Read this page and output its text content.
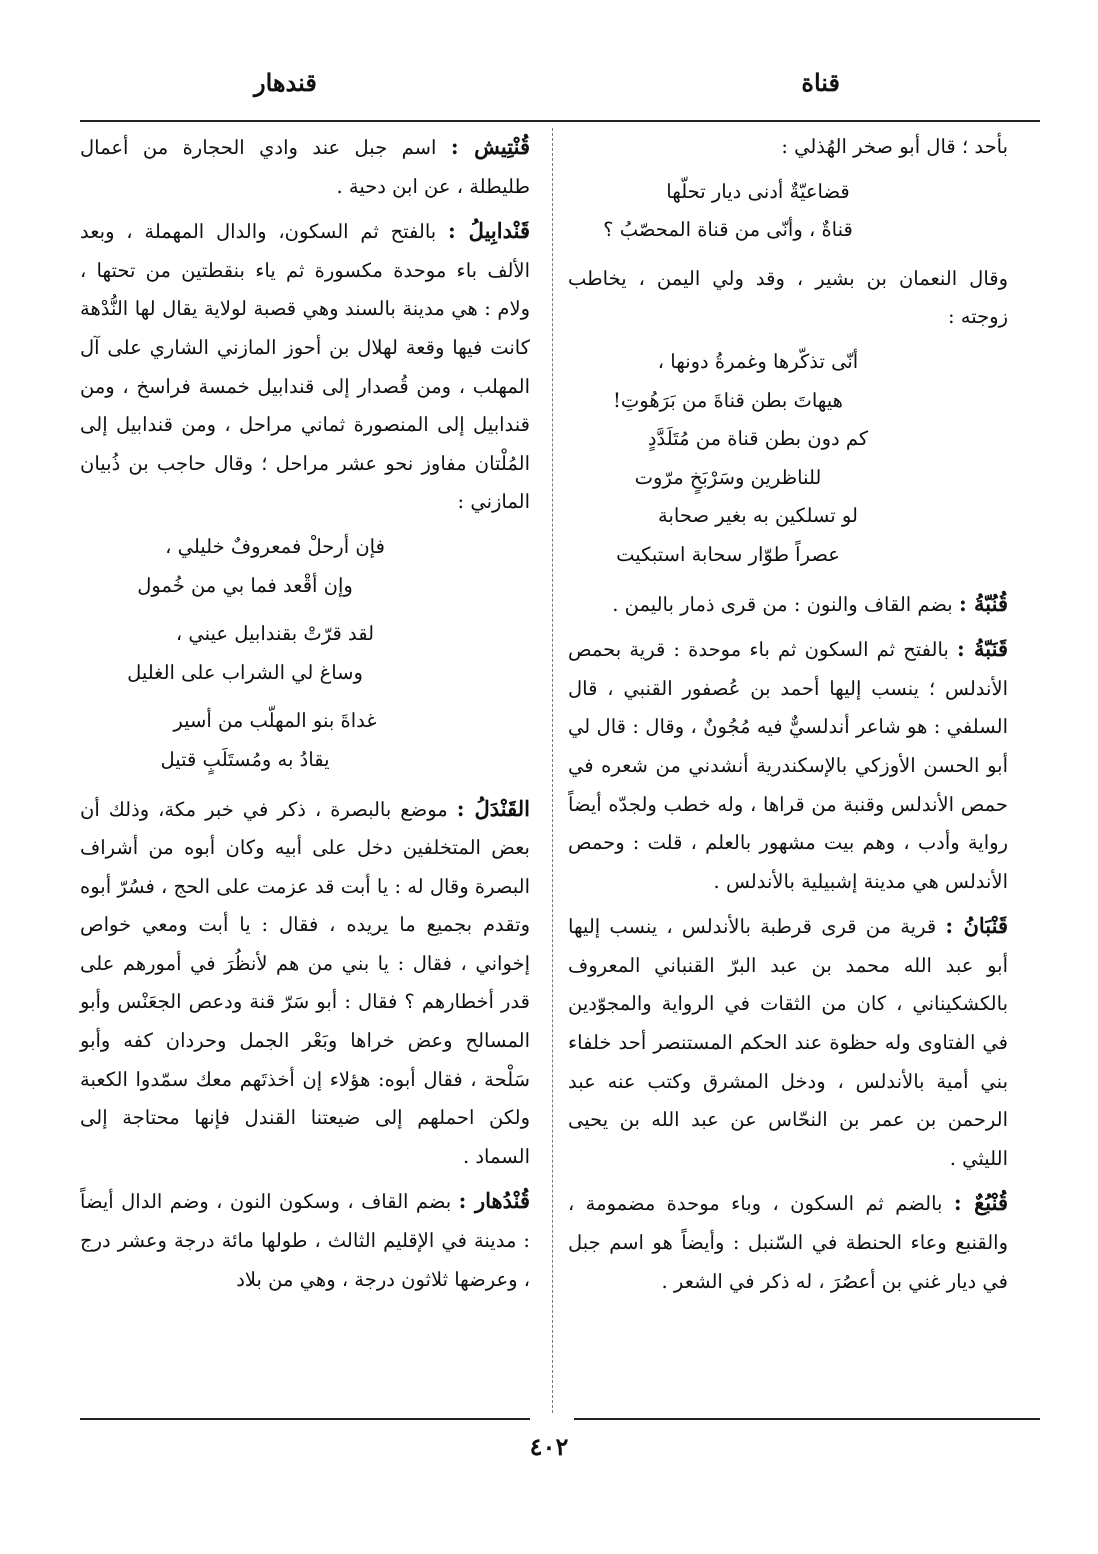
قناة
قندهار

بأحد ؛ قال أبو صخر الهُذلي :

قضاعيّةٌ أدنى ديار تحلّها
قناةٌ ، وأنّى من قناة المحصّبُ ؟

وقال النعمان بن بشير ، وقد ولي اليمن ، يخاطب زوجته :

أنّى تذكّرها وغمرةُ دونها ،
هيهاتَ بطن قناةَ من بَرَهُوتِ!
كم دون بطن قناة من مُتَلَدَّدٍ
للناظرين وسَرْبَخٍ مرّوت
لو تسلكين به بغير صحابة
عصراً طوّار سحابة استبكيت
قُنُبّةُ : بضم القاف والنون : من قرى ذمار باليمن .
قَنَبّةُ : بالفتح ثم السكون ثم باء موحدة : قرية بحمص الأندلس ؛ ينسب إليها أحمد بن عُصفور القنبي ، قال السلفي : هو شاعر أندلسيٌّ فيه مُجُونٌ ، وقال : قال لي أبو الحسن الأوزكي بالإسكندرية أنشدني من شعره في حمص الأندلس وقنبة من قراها ، وله خطب ولجدّه أيضاً رواية وأدب ، وهم بيت مشهور بالعلم ، قلت : وحمص الأندلس هي مدينة إشبيلية بالأندلس .
قَنْبَانُ : قرية من قرى قرطبة بالأندلس ، ينسب إليها أبو عبد الله محمد بن عبد البرّ القنباني المعروف بالكشكيناني ، كان من الثقات في الرواية والمجوّدين في الفتاوى وله حظوة عند الحكم المستنصر أحد خلفاء بني أمية بالأندلس ، ودخل المشرق وكتب عنه عبد الرحمن بن عمر بن النحّاس عن عبد الله بن يحيى الليثي .
قُنْبُعٌ : بالضم ثم السكون ، وباء موحدة مضمومة ، والقنبع وعاء الحنطة في السّنبل : وأيضاً هو اسم جبل في ديار غني بن أعصُرَ ، له ذكر في الشعر .
قُنْتِيش : اسم جبل عند وادي الحجارة من أعمال طليطلة ، عن ابن دحية .
قَنْدابِيلُ : بالفتح ثم السكون، والدال المهملة ، وبعد الألف باء موحدة مكسورة ثم ياء بنقطتين من تحتها ، ولام : هي مدينة بالسند وهي قصبة لولاية يقال لها النُّدْهة كانت فيها وقعة لهلال بن أحوز المازني الشاري على آل المهلب ، ومن قُصدار إلى قندابيل خمسة فراسخ ، ومن قندابيل إلى المنصورة ثماني مراحل ، ومن قندابيل إلى المُلْتان مفاوز نحو عشر مراحل ؛ وقال حاجب بن ذُبيان المازني :
فإن أرحلْ فمعروفٌ خليلي ،
وإن أقْعد فما بي من خُمول
لقد قرّتْ بقندابيل عيني ،
وساغ لي الشراب على الغليل
غداةَ بنو المهلّب من أسير
يقادُ به ومُستَلَبٍ قتيل
القَنْدَلُ : موضع بالبصرة ، ذكر في خبر مكة، وذلك أن بعض المتخلفين دخل على أبيه وكان أبوه من أشراف البصرة وقال له : يا أبت قد عزمت على الحج ، فسُرّ أبوه وتقدم بجميع ما يريده ، فقال : يا أبت ومعي خواص إخواني ، فقال : يا بني من هم لأنظُرَ في أمورهم على قدر أخطارهم ؟ فقال : أبو سَرّ قنة ودعص الجعَنْس وأبو المسالح وعض خراها وبَعْر الجمل وحردان كفه وأبو سَلْحة ، فقال أبوه: هؤلاء إن أخذتَهم معك سمّدوا الكعبة ولكن احملهم إلى ضيعتنا القندل فإنها محتاجة إلى السماد .
قُنْدُهار : بضم القاف ، وسكون النون ، وضم الدال أيضاً : مدينة في الإقليم الثالث ، طولها مائة درجة وعشر درج ، وعرضها ثلاثون درجة ، وهي من بلاد
٤٠٢
